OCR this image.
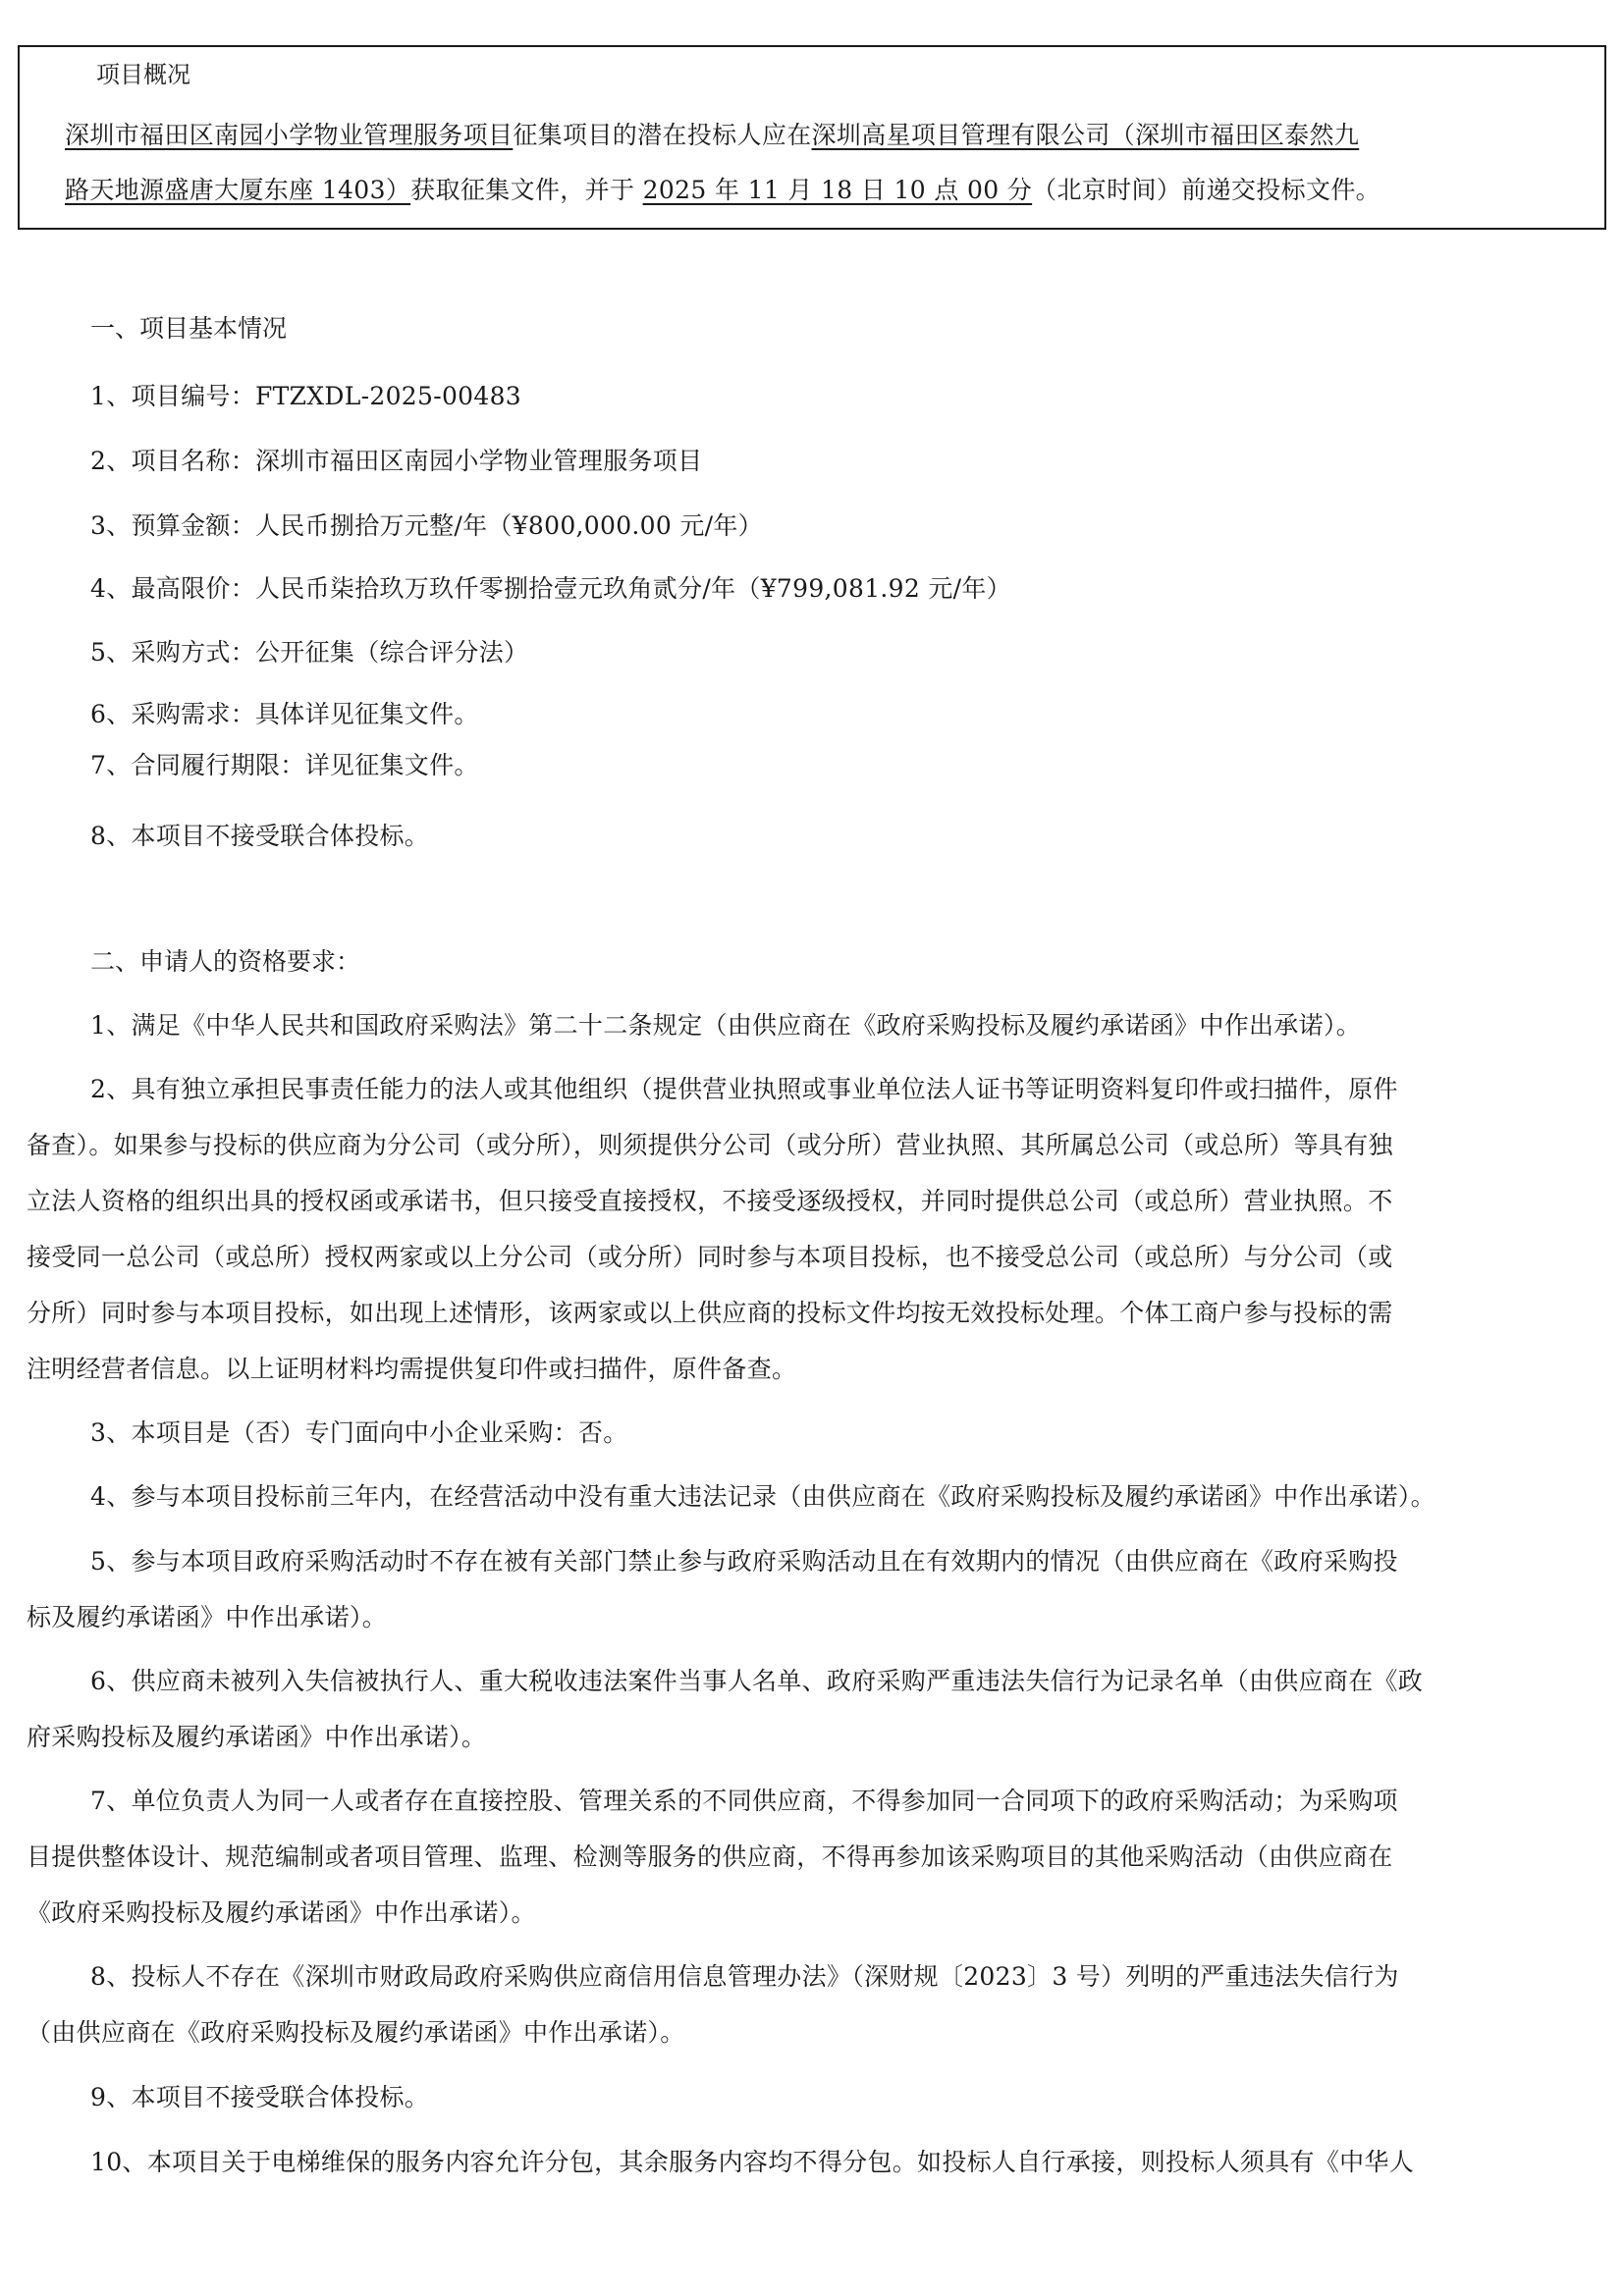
项目概况
深圳市福田区南园小学物业管理服务项目征集项目的潜在投标人应在深圳高星项目管理有限公司（深圳市福田区泰然九
路天地源盛唐大厦东座 1403）获取征集文件，并于 2025 年 11 月 18 日 10 点 00 分（北京时间）前递交投标文件。
一、项目基本情况
1、项目编号：FTZXDL-2025-00483
2、项目名称：深圳市福田区南园小学物业管理服务项目
3、预算金额：人民币捌拾万元整/年（¥800,000.00 元/年）
4、最高限价：人民币柒拾玖万玖仟零捌拾壹元玖角贰分/年（¥799,081.92 元/年）
5、采购方式：公开征集（综合评分法）
6、采购需求：具体详见征集文件。
7、合同履行期限：详见征集文件。
8、本项目不接受联合体投标。
二、申请人的资格要求：
1、满足《中华人民共和国政府采购法》第二十二条规定（由供应商在《政府采购投标及履约承诺函》中作出承诺）。
2、具有独立承担民事责任能力的法人或其他组织（提供营业执照或事业单位法人证书等证明资料复印件或扫描件，原件
备查）。如果参与投标的供应商为分公司（或分所），则须提供分公司（或分所）营业执照、其所属总公司（或总所）等具有独
立法人资格的组织出具的授权函或承诺书，但只接受直接授权，不接受逐级授权，并同时提供总公司（或总所）营业执照。不
接受同一总公司（或总所）授权两家或以上分公司（或分所）同时参与本项目投标，也不接受总公司（或总所）与分公司（或
分所）同时参与本项目投标，如出现上述情形，该两家或以上供应商的投标文件均按无效投标处理。个体工商户参与投标的需
注明经营者信息。以上证明材料均需提供复印件或扫描件，原件备查。
3、本项目是（否）专门面向中小企业采购：否。
4、参与本项目投标前三年内，在经营活动中没有重大违法记录（由供应商在《政府采购投标及履约承诺函》中作出承诺）。
5、参与本项目政府采购活动时不存在被有关部门禁止参与政府采购活动且在有效期内的情况（由供应商在《政府采购投
标及履约承诺函》中作出承诺）。
6、供应商未被列入失信被执行人、重大税收违法案件当事人名单、政府采购严重违法失信行为记录名单（由供应商在《政
府采购投标及履约承诺函》中作出承诺）。
7、单位负责人为同一人或者存在直接控股、管理关系的不同供应商，不得参加同一合同项下的政府采购活动；为采购项
目提供整体设计、规范编制或者项目管理、监理、检测等服务的供应商，不得再参加该采购项目的其他采购活动（由供应商在
《政府采购投标及履约承诺函》中作出承诺）。
8、投标人不存在《深圳市财政局政府采购供应商信用信息管理办法》（深财规〔2023〕3 号）列明的严重违法失信行为
（由供应商在《政府采购投标及履约承诺函》中作出承诺）。
9、本项目不接受联合体投标。
10、本项目关于电梯维保的服务内容允许分包，其余服务内容均不得分包。如投标人自行承接，则投标人须具有《中华人
